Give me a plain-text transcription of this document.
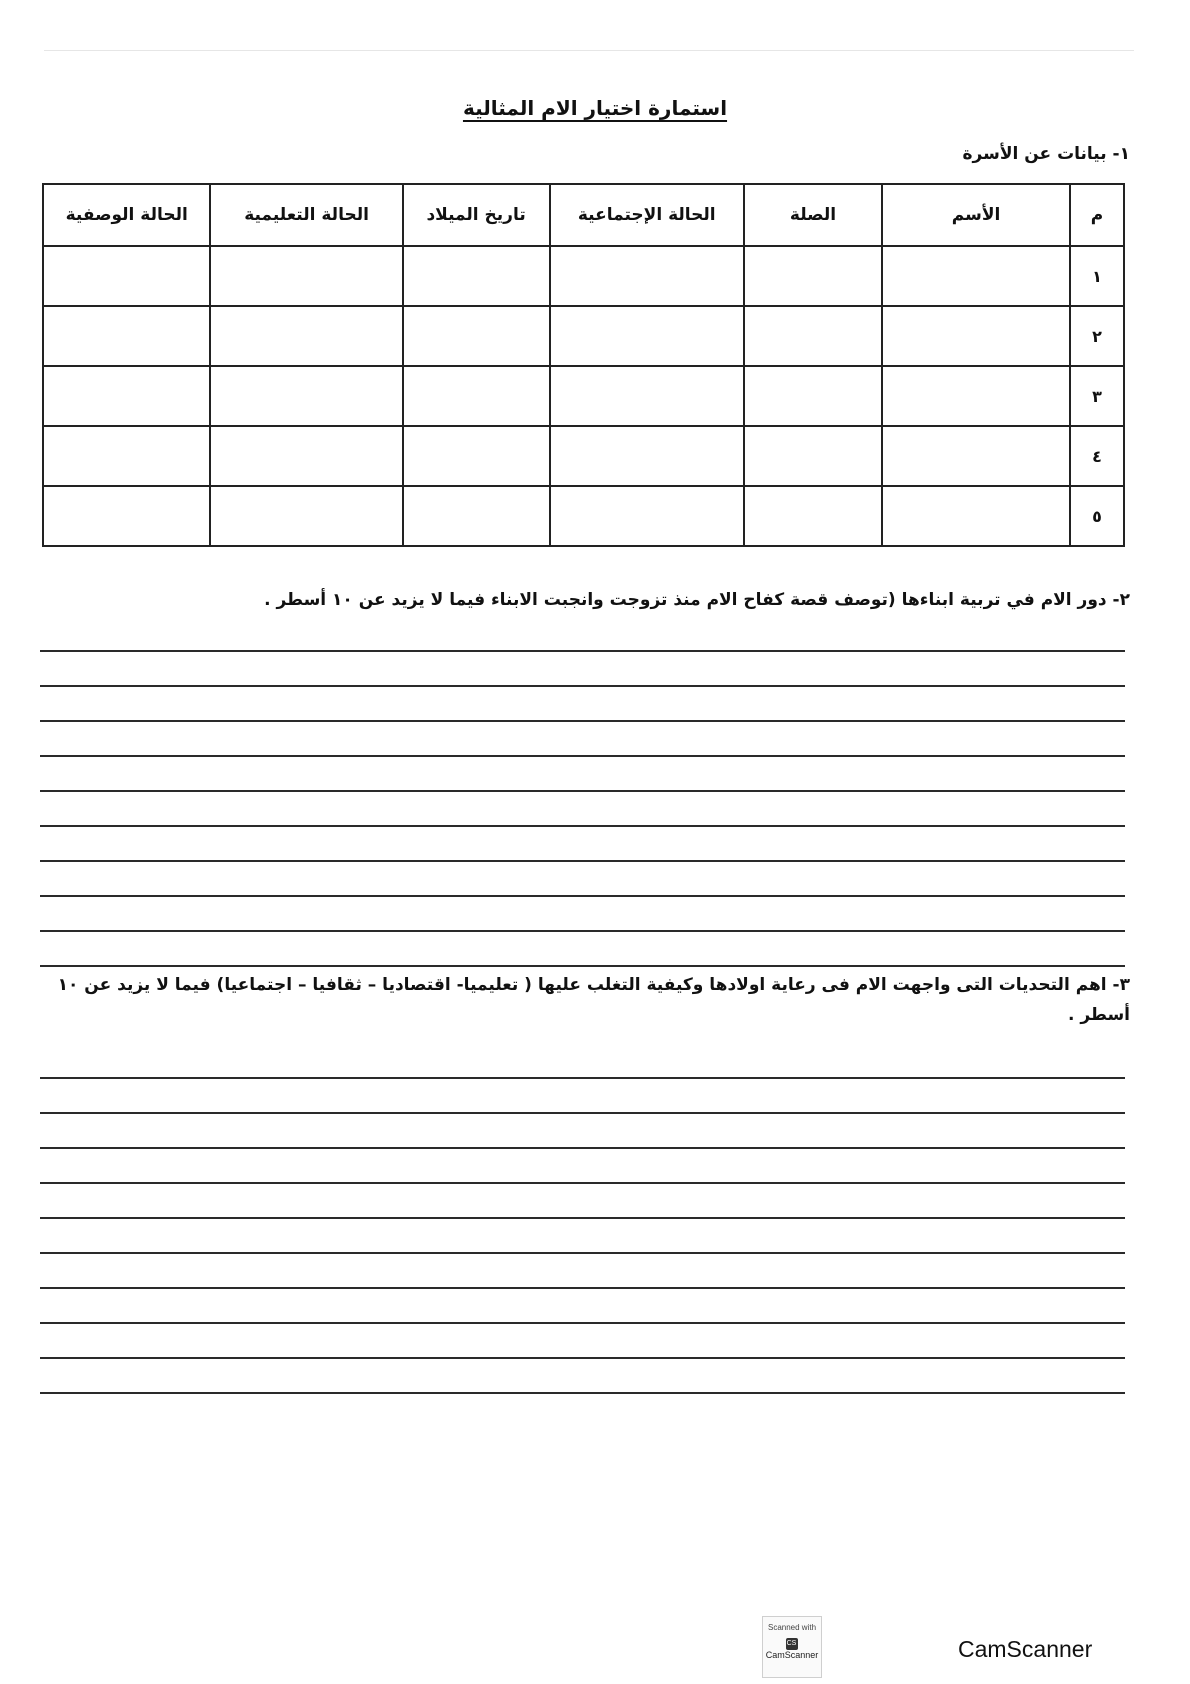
استمارة اختيار الام المثالية
١- بيانات عن الأسرة
م	الأسم	الصلة	الحالة الإجتماعية	تاريخ الميلاد	الحالة التعليمية	الحالة الوصفية
١						
٢						
٣						
٤						
٥						
٢- دور الام في تربية ابناءها (توصف قصة كفاح الام منذ تزوجت وانجبت الابناء فيما لا يزيد عن ١٠ أسطر .
٣- اهم التحديات التى واجهت الام فى رعاية اولادها وكيفية التغلب عليها ( تعليميا- اقتصاديا – ثقافيا – اجتماعيا) فيما لا يزيد عن ١٠ أسطر .
Scanned with
CSCamScanner	CamScanner
